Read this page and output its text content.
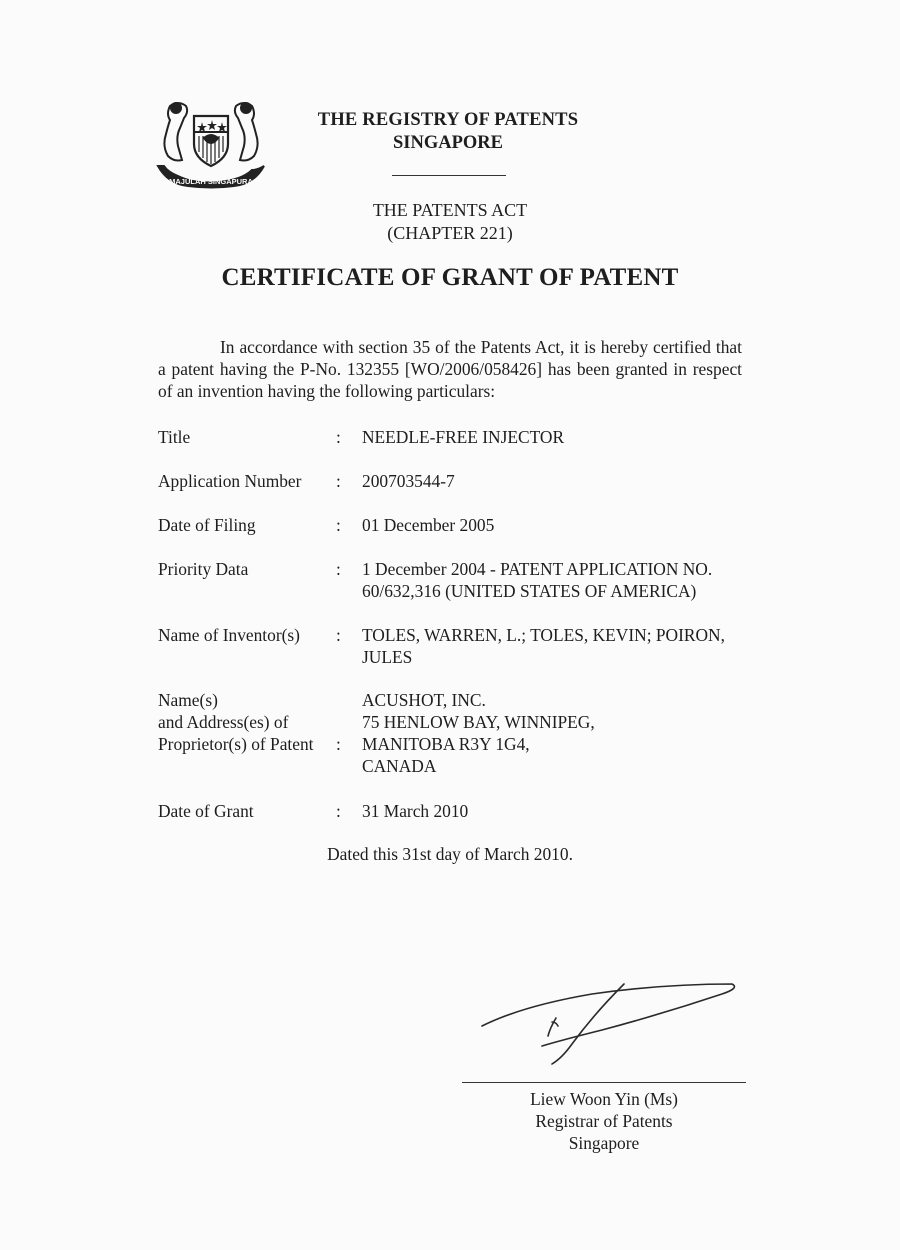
MAJULAH SINGAPURA
THE REGISTRY OF PATENTS
SINGAPORE
THE PATENTS ACT
(CHAPTER 221)
CERTIFICATE OF GRANT OF PATENT

In accordance with section 35 of the Patents Act, it is hereby certified that a patent having the P-No. 132355 [WO/2006/058426] has been granted in respect of an invention having the following particulars:

Title	: NEEDLE-FREE INJECTOR
Application Number	: 200703544-7
Date of Filing	: 01 December 2005
Priority Data	: 1 December 2004 - PATENT APPLICATION NO.
60/632,316 (UNITED STATES OF AMERICA)
Name of Inventor(s)	: TOLES, WARREN, L.; TOLES, KEVIN; POIRON,
JULES
Name(s)
and Address(es) of
Proprietor(s) of Patent	:
ACUSHOT, INC.
75 HENLOW BAY, WINNIPEG,
MANITOBA R3Y 1G4,
CANADA
Date of Grant	: 31 March 2010
Dated this 31st day of March 2010.
Liew Woon Yin (Ms)
Registrar of Patents
Singapore
